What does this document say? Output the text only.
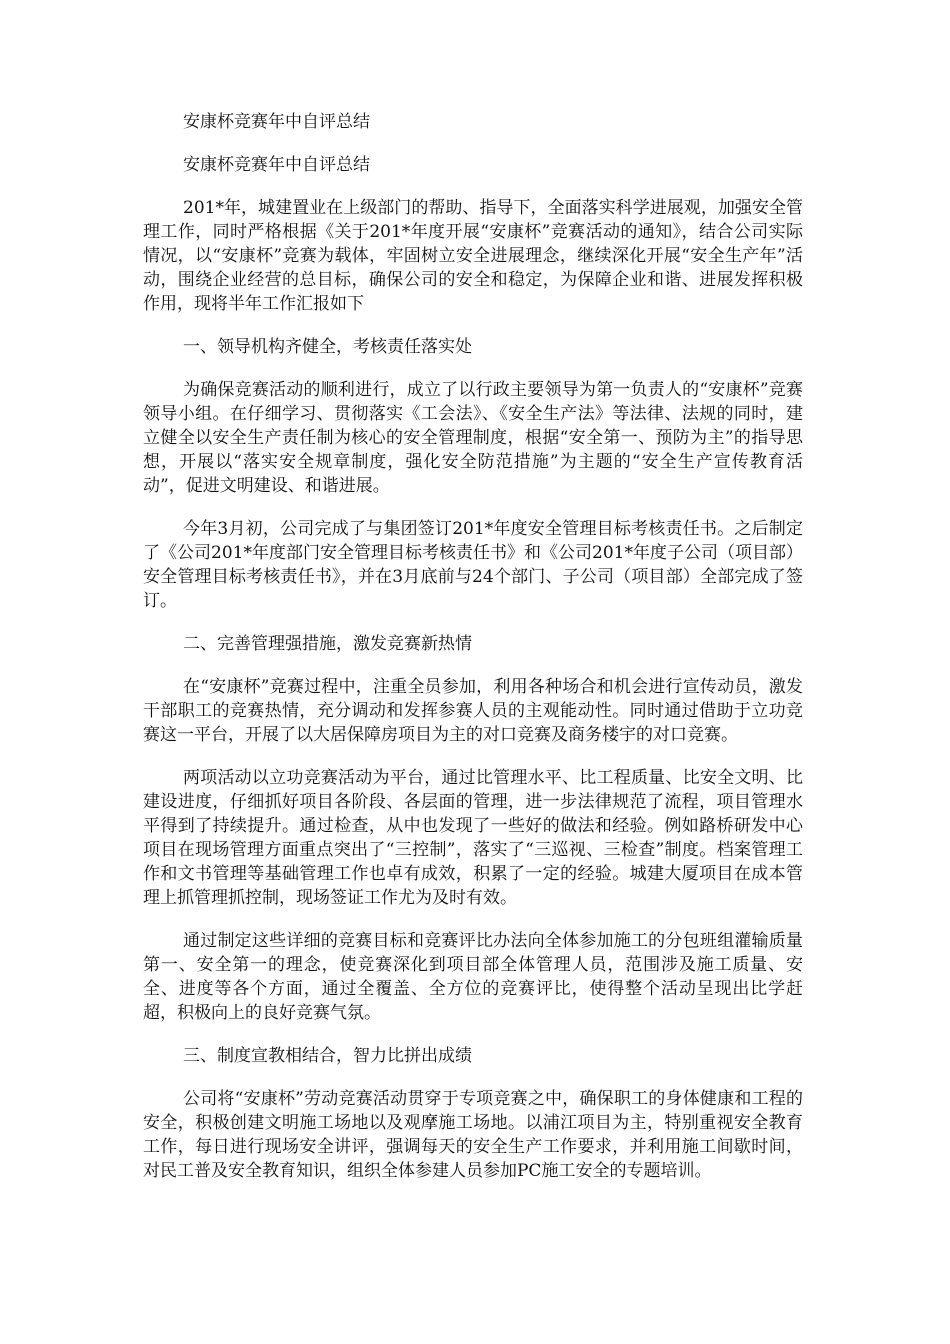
安康杯竞赛年中自评总结

安康杯竞赛年中自评总结

201*年，城建置业在上级部门的帮助、指导下，全面落实科学进展观，加强安全管理工作，同时严格根据《关于201*年度开展“安康杯”竞赛活动的通知》，结合公司实际情况，以“安康杯”竞赛为载体，牢固树立安全进展理念，继续深化开展“安全生产年”活动，围绕企业经营的总目标，确保公司的安全和稳定，为保障企业和谐、进展发挥积极作用，现将半年工作汇报如下

一、领导机构齐健全，考核责任落实处

为确保竞赛活动的顺利进行，成立了以行政主要领导为第一负责人的“安康杯”竞赛领导小组。在仔细学习、贯彻落实《工会法》、《安全生产法》等法律、法规的同时，建立健全以安全生产责任制为核心的安全管理制度，根据“安全第一、预防为主”的指导思想，开展以“落实安全规章制度，强化安全防范措施”为主题的“安全生产宣传教育活动”，促进文明建设、和谐进展。

今年3月初，公司完成了与集团签订201*年度安全管理目标考核责任书。之后制定了《公司201*年度部门安全管理目标考核责任书》和《公司201*年度子公司（项目部）安全管理目标考核责任书》，并在3月底前与24个部门、子公司（项目部）全部完成了签订。

二、完善管理强措施，激发竞赛新热情

在“安康杯”竞赛过程中，注重全员参加，利用各种场合和机会进行宣传动员，激发干部职工的竞赛热情，充分调动和发挥参赛人员的主观能动性。同时通过借助于立功竞赛这一平台，开展了以大居保障房项目为主的对口竞赛及商务楼宇的对口竞赛。

两项活动以立功竞赛活动为平台，通过比管理水平、比工程质量、比安全文明、比建设进度，仔细抓好项目各阶段、各层面的管理，进一步法律规范了流程，项目管理水平得到了持续提升。通过检查，从中也发现了一些好的做法和经验。例如路桥研发中心项目在现场管理方面重点突出了“三控制”，落实了“三巡视、三检查”制度。档案管理工作和文书管理等基础管理工作也卓有成效，积累了一定的经验。城建大厦项目在成本管理上抓管理抓控制，现场签证工作尤为及时有效。

通过制定这些详细的竞赛目标和竞赛评比办法向全体参加施工的分包班组灌输质量第一、安全第一的理念，使竞赛深化到项目部全体管理人员，范围涉及施工质量、安全、进度等各个方面，通过全覆盖、全方位的竞赛评比，使得整个活动呈现出比学赶超，积极向上的良好竞赛气氛。

三、制度宣教相结合，智力比拼出成绩

公司将“安康杯”劳动竞赛活动贯穿于专项竞赛之中，确保职工的身体健康和工程的安全，积极创建文明施工场地以及观摩施工场地。以浦江项目为主，特别重视安全教育工作，每日进行现场安全讲评，强调每天的安全生产工作要求，并利用施工间歇时间，对民工普及安全教育知识，组织全体参建人员参加PC施工安全的专题培训。
